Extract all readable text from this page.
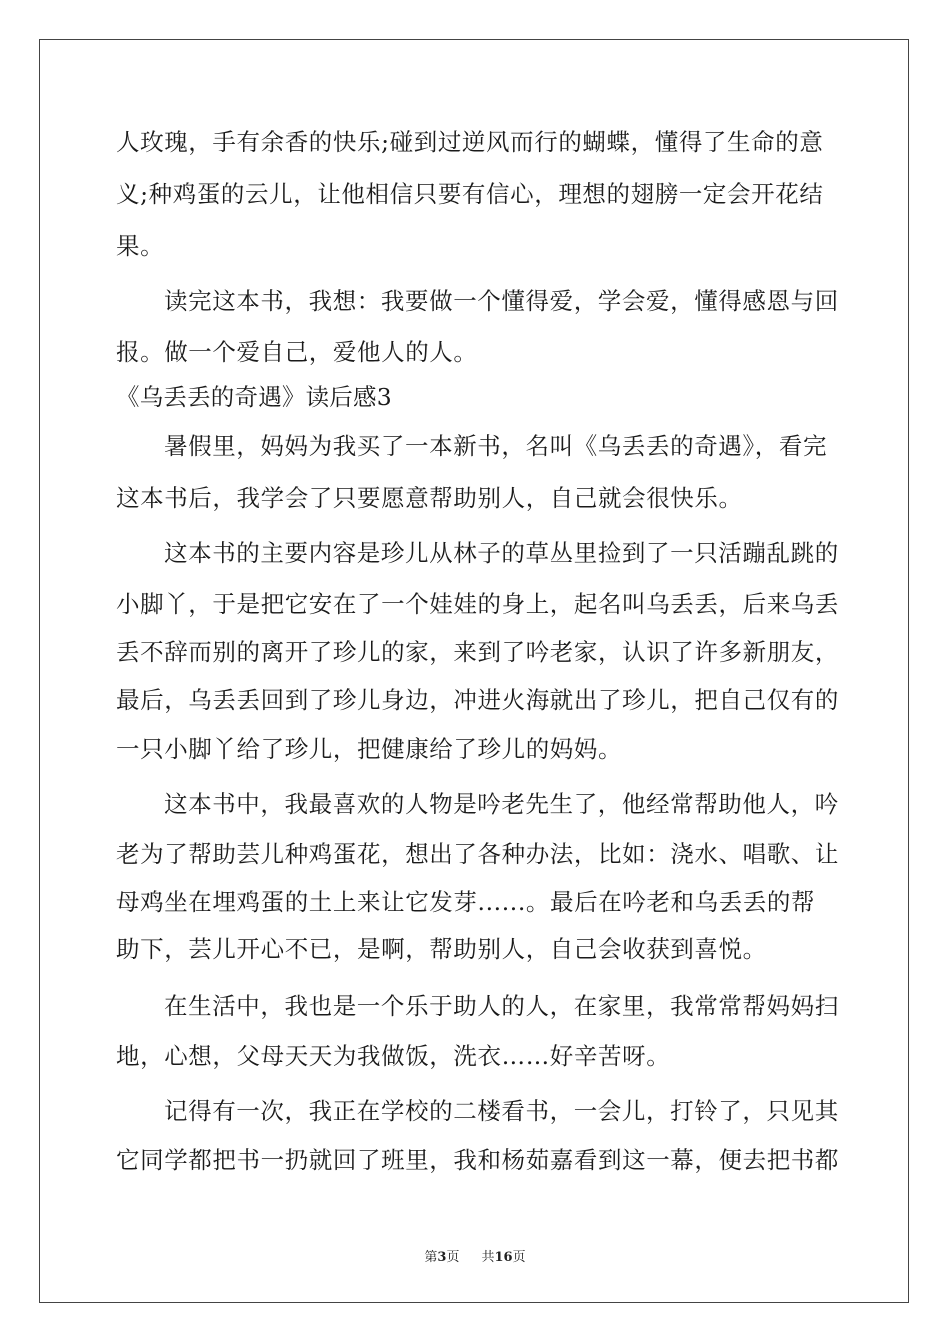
人玫瑰，手有余香的快乐;碰到过逆风而行的蝴蝶，懂得了生命的意
义;种鸡蛋的云儿，让他相信只要有信心，理想的翅膀一定会开花结
果。
读完这本书，我想：我要做一个懂得爱，学会爱，懂得感恩与回
报。做一个爱自己，爱他人的人。
《乌丢丢的奇遇》读后感3
暑假里，妈妈为我买了一本新书，名叫《乌丢丢的奇遇》，看完
这本书后，我学会了只要愿意帮助别人，自己就会很快乐。
这本书的主要内容是珍儿从林子的草丛里捡到了一只活蹦乱跳的
小脚丫，于是把它安在了一个娃娃的身上，起名叫乌丢丢，后来乌丢
丢不辞而别的离开了珍儿的家，来到了吟老家，认识了许多新朋友，
最后，乌丢丢回到了珍儿身边，冲进火海就出了珍儿，把自己仅有的
一只小脚丫给了珍儿，把健康给了珍儿的妈妈。
这本书中，我最喜欢的人物是吟老先生了，他经常帮助他人，吟
老为了帮助芸儿种鸡蛋花，想出了各种办法，比如：浇水、唱歌、让
母鸡坐在埋鸡蛋的土上来让它发芽......。最后在吟老和乌丢丢的帮
助下，芸儿开心不已，是啊，帮助别人，自己会收获到喜悦。
在生活中，我也是一个乐于助人的人，在家里，我常常帮妈妈扫
地，心想，父母天天为我做饭，洗衣……好辛苦呀。
记得有一次，我正在学校的二楼看书，一会儿，打铃了，只见其
它同学都把书一扔就回了班里，我和杨茹嘉看到这一幕，便去把书都
第3页 共16页
